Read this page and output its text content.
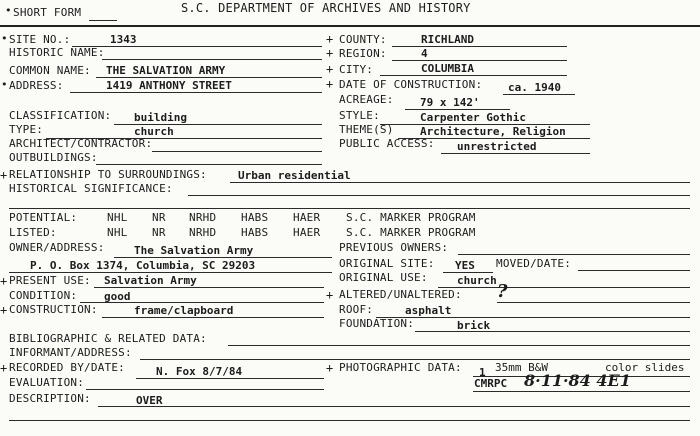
• SHORT FORM	S.C. DEPARTMENT OF ARCHIVES AND HISTORY
• SITE NO.:	1343
HISTORIC NAME:
COMMON NAME: THE SALVATION ARMY
• ADDRESS:	1419 ANTHONY STREET
+ COUNTY:	RICHLAND
+ REGION:	4
+ CITY:	COLUMBIA
+ DATE OF CONSTRUCTION: ca. 1940
ACREAGE: 79 x 142'
CLASSIFICATION: building
TYPE:	church
ARCHITECT/CONTRACTOR:
OUTBUILDINGS:
STYLE:	Carpenter Gothic
THEME(S) Architecture, Religion
PUBLIC ACCESS: unrestricted
+ RELATIONSHIP TO SURROUNDINGS:	Urban residential
HISTORICAL SIGNIFICANCE:
POTENTIAL:	NHL NR NRHD HABS HAER S.C. MARKER PROGRAM
LISTED:	NHL NR NRHD HABS HAER S.C. MARKER PROGRAM
OWNER/ADDRESS:	The Salvation Army
P. O. Box 1374, Columbia, SC 29203
PREVIOUS OWNERS:
ORIGINAL SITE: YES MOVED/DATE:
ORIGINAL USE:	church
+ PRESENT USE: Salvation Army
CONDITION: good
+ CONSTRUCTION:	frame/clapboard
+ ALTERED/UNALTERED: ?
ROOF:	asphalt
FOUNDATION:	brick
BIBLIOGRAPHIC & RELATED DATA:
INFORMANT/ADDRESS:
+ RECORDED BY/DATE:	N. Fox 8/7/84
EVALUATION:
DESCRIPTION:	OVER
+ PHOTOGRAPHIC DATA: 1 35mm B&W	color slides
CMRPC 8·11·84 4E1
